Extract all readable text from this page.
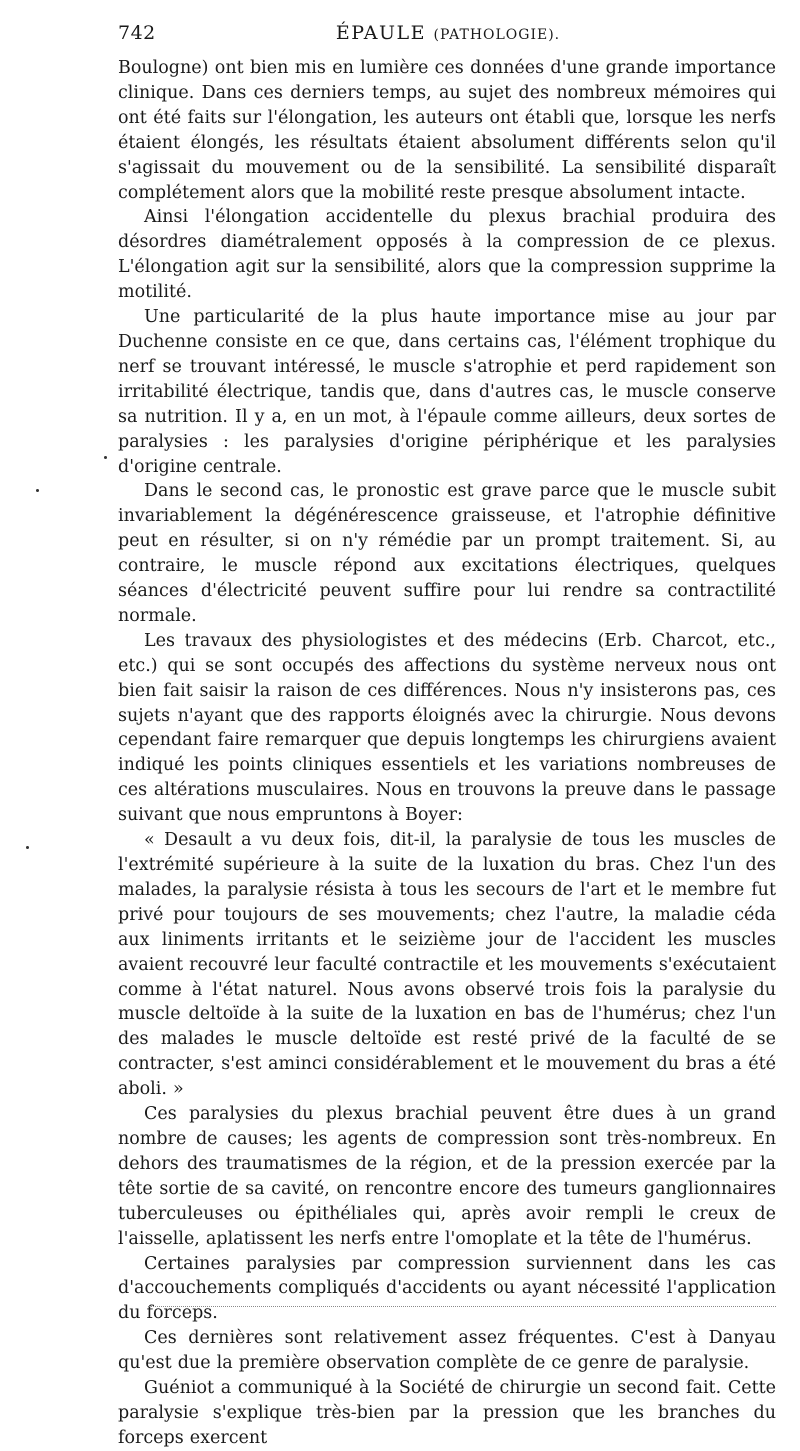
742	ÉPAULE (PATHOLOGIE).

Boulogne) ont bien mis en lumière ces données d'une grande importance clinique. Dans ces derniers temps, au sujet des nombreux mémoires qui ont été faits sur l'élongation, les auteurs ont établi que, lorsque les nerfs étaient élongés, les résultats étaient absolument différents selon qu'il s'agissait du mouvement ou de la sensibilité. La sensibilité disparaît complétement alors que la mobilité reste presque absolument intacte.

Ainsi l'élongation accidentelle du plexus brachial produira des désordres diamétralement opposés à la compression de ce plexus. L'élongation agit sur la sensibilité, alors que la compression supprime la motilité.

Une particularité de la plus haute importance mise au jour par Duchenne consiste en ce que, dans certains cas, l'élément trophique du nerf se trouvant intéressé, le muscle s'atrophie et perd rapidement son irritabilité électrique, tandis que, dans d'autres cas, le muscle conserve sa nutrition. Il y a, en un mot, à l'épaule comme ailleurs, deux sortes de paralysies : les paralysies d'origine périphérique et les paralysies d'origine centrale.

Dans le second cas, le pronostic est grave parce que le muscle subit invariablement la dégénérescence graisseuse, et l'atrophie définitive peut en résulter, si on n'y rémédie par un prompt traitement. Si, au contraire, le muscle répond aux excitations électriques, quelques séances d'électricité peuvent suffire pour lui rendre sa contractilité normale.

Les travaux des physiologistes et des médecins (Erb. Charcot, etc., etc.) qui se sont occupés des affections du système nerveux nous ont bien fait saisir la raison de ces différences. Nous n'y insisterons pas, ces sujets n'ayant que des rapports éloignés avec la chirurgie. Nous devons cependant faire remarquer que depuis longtemps les chirurgiens avaient indiqué les points cliniques essentiels et les variations nombreuses de ces altérations musculaires. Nous en trouvons la preuve dans le passage suivant que nous empruntons à Boyer:

« Desault a vu deux fois, dit-il, la paralysie de tous les muscles de l'extrémité supérieure à la suite de la luxation du bras. Chez l'un des malades, la paralysie résista à tous les secours de l'art et le membre fut privé pour toujours de ses mouvements; chez l'autre, la maladie céda aux liniments irritants et le seizième jour de l'accident les muscles avaient recouvré leur faculté contractile et les mouvements s'exécutaient comme à l'état naturel. Nous avons observé trois fois la paralysie du muscle deltoïde à la suite de la luxation en bas de l'humérus; chez l'un des malades le muscle deltoïde est resté privé de la faculté de se contracter, s'est aminci considérablement et le mouvement du bras a été aboli. »

Ces paralysies du plexus brachial peuvent être dues à un grand nombre de causes; les agents de compression sont très-nombreux. En dehors des traumatismes de la région, et de la pression exercée par la tête sortie de sa cavité, on rencontre encore des tumeurs ganglionnaires tuberculeuses ou épithéliales qui, après avoir rempli le creux de l'aisselle, aplatissent les nerfs entre l'omoplate et la tête de l'humérus.

Certaines paralysies par compression surviennent dans les cas d'accouchements compliqués d'accidents ou ayant nécessité l'application du forceps.

Ces dernières sont relativement assez fréquentes. C'est à Danyau qu'est due la première observation complète de ce genre de paralysie.

Guéniot a communiqué à la Société de chirurgie un second fait. Cette paralysie s'explique très-bien par la pression que les branches du forceps exercent
